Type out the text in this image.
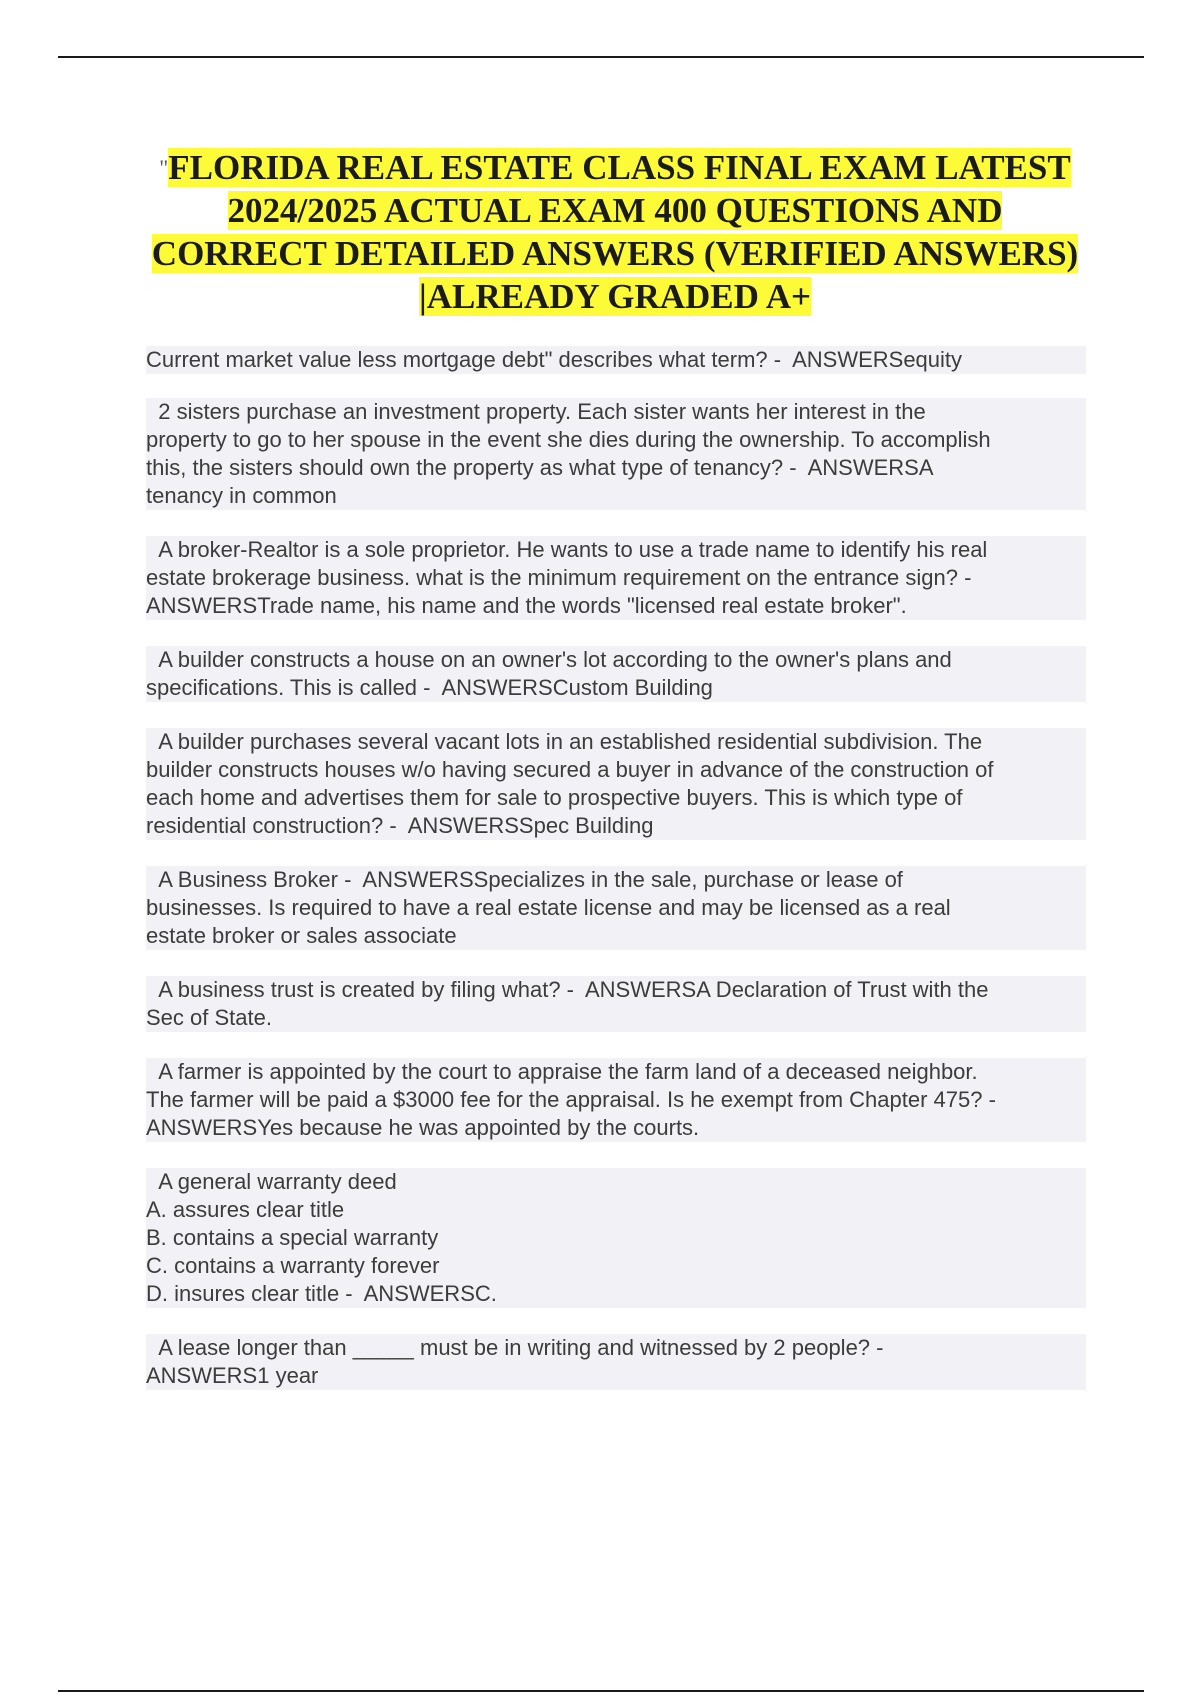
"FLORIDA REAL ESTATE CLASS FINAL EXAM LATEST 2024/2025 ACTUAL EXAM 400 QUESTIONS AND CORRECT DETAILED ANSWERS (VERIFIED ANSWERS) |ALREADY GRADED A+
Current market value less mortgage debt" describes what term? -  ANSWERSequity
2 sisters purchase an investment property. Each sister wants her interest in the
property to go to her spouse in the event she dies during the ownership. To accomplish
this, the sisters should own the property as what type of tenancy? -  ANSWERSA
tenancy in common
A broker-Realtor is a sole proprietor. He wants to use a trade name to identify his real
estate brokerage business. what is the minimum requirement on the entrance sign? -
ANSWERSTrade name, his name and the words "licensed real estate broker".
A builder constructs a house on an owner's lot according to the owner's plans and
specifications. This is called -  ANSWERSCustom Building
A builder purchases several vacant lots in an established residential subdivision. The
builder constructs houses w/o having secured a buyer in advance of the construction of
each home and advertises them for sale to prospective buyers. This is which type of
residential construction? -  ANSWERSSpec Building
A Business Broker -  ANSWERSSpecializes in the sale, purchase or lease of
businesses. Is required to have a real estate license and may be licensed as a real
estate broker or sales associate
A business trust is created by filing what? -  ANSWERSA Declaration of Trust with the
Sec of State.
A farmer is appointed by the court to appraise the farm land of a deceased neighbor.
The farmer will be paid a $3000 fee for the appraisal. Is he exempt from Chapter 475? -
ANSWERSYes because he was appointed by the courts.
A general warranty deed
A. assures clear title
B. contains a special warranty
C. contains a warranty forever
D. insures clear title -  ANSWERSC.
A lease longer than _____ must be in writing and witnessed by 2 people? -
ANSWERS1 year
